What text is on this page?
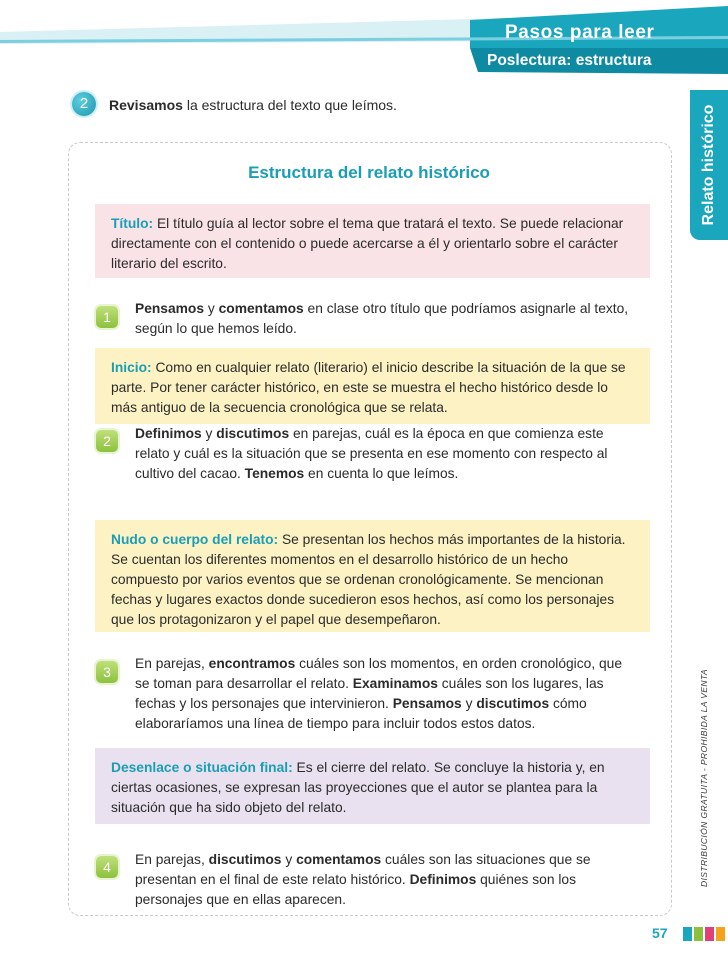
Pasos para leer
Poslectura: estructura
Relato histórico
DISTRIBUCIÓN GRATUITA - PROHIBIDA LA VENTA
2	Revisamos la estructura del texto que leímos.
Estructura del relato histórico
Título: El título guía al lector sobre el tema que tratará el texto. Se puede relacionar directamente con el contenido o puede acercarse a él y orientarlo sobre el carácter literario del escrito.
1
Pensamos y comentamos en clase otro título que podríamos asignarle al texto, según lo que hemos leído.
Inicio: Como en cualquier relato (literario) el inicio describe la situación de la que se parte. Por tener carácter histórico, en este se muestra el hecho histórico desde lo más antiguo de la secuencia cronológica que se relata.
2	Definimos y discutimos en parejas, cuál es la época en que comienza este relato y cuál es la situación que se presenta en ese momento con respecto al cultivo del cacao. Tenemos en cuenta lo que leímos.
Nudo o cuerpo del relato: Se presentan los hechos más importantes de la historia. Se cuentan los diferentes momentos en el desarrollo histórico de un hecho compuesto por varios eventos que se ordenan cronológicamente. Se mencionan fechas y lugares exactos donde sucedieron esos hechos, así como los personajes que los protagonizaron y el papel que desempeñaron.
3
En parejas, encontramos cuáles son los momentos, en orden cronológico, que se toman para desarrollar el relato. Examinamos cuáles son los lugares, las fechas y los personajes que intervinieron. Pensamos y discutimos cómo elaboraríamos una línea de tiempo para incluir todos estos datos.
Desenlace o situación final: Es el cierre del relato. Se concluye la historia y, en ciertas ocasiones, se expresan las proyecciones que el autor se plantea para la situación que ha sido objeto del relato.
4	En parejas, discutimos y comentamos cuáles son las situaciones que se presentan en el final de este relato histórico. Definimos quiénes son los personajes que en ellas aparecen.
57
